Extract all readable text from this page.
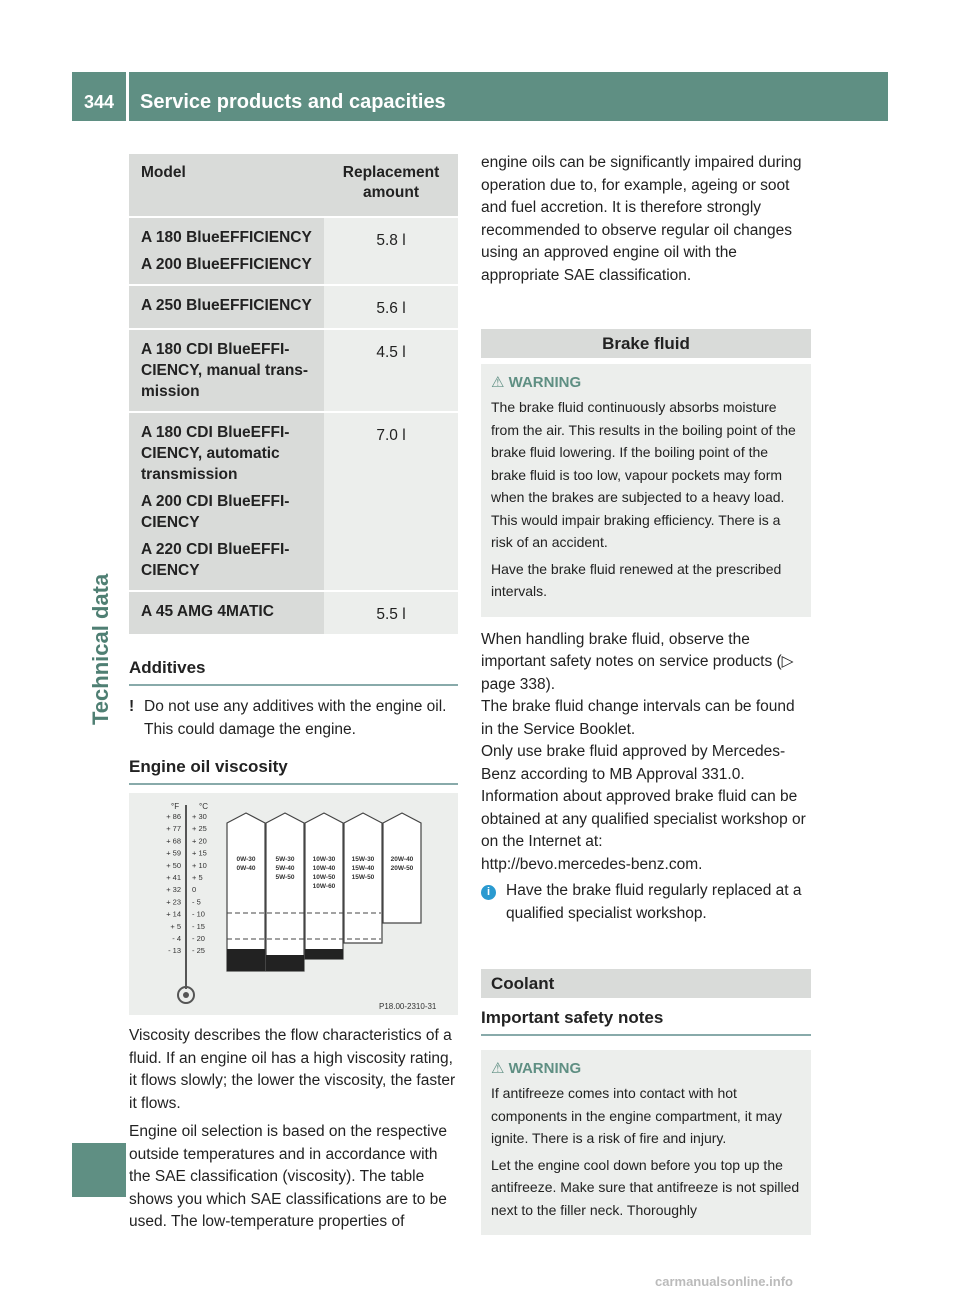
344	Service products and capacities
Technical data
Model	Replacement amount

A 180 BlueEFFICIENCY
A 200 BlueEFFICIENCY	5.8 l

A 250 BlueEFFICIENCY	5.6 l

A 180 CDI BlueEFFI- CIENCY, manual trans- mission	4.5 l

A 180 CDI BlueEFFI- CIENCY, automatic transmission
A 200 CDI BlueEFFI- CIENCY
A 220 CDI BlueEFFI- CIENCY	7.0 l

A 45 AMG 4MATIC	5.5 l
Additives
! Do not use any additives with the engine oil. This could damage the engine.
Engine oil viscosity
°F °C
+ 86 + 30
+ 77 + 25
+ 68 + 20
+ 59 + 15
+ 50 + 10
+ 41 + 5
+ 32 0
+ 23 - 5
+ 14 - 10
+ 5 - 15
- 4 - 20
- 13 - 25
0W-30
0W-40
5W-30
5W-40
5W-50
10W-30
10W-40
10W-50
10W-60
15W-30
15W-40
15W-50
20W-40
20W-50
P18.00-2310-31

Viscosity describes the flow characteristics of a fluid. If an engine oil has a high viscosity rating, it flows slowly; the lower the viscosity, the faster it flows.

Engine oil selection is based on the respective outside temperatures and in accordance with the SAE classification (viscosity). The table shows you which SAE classifications are to be used. The low-temperature properties of

engine oils can be significantly impaired during operation due to, for example, ageing or soot and fuel accretion. It is therefore strongly recommended to observe regular oil changes using an approved engine oil with the appropriate SAE classification.

Brake fluid
⚠ WARNING

The brake fluid continuously absorbs moisture from the air. This results in the boiling point of the brake fluid lowering. If the boiling point of the brake fluid is too low, vapour pockets may form when the brakes are subjected to a heavy load. This would impair braking efficiency. There is a risk of an accident.

Have the brake fluid renewed at the prescribed intervals.

When handling brake fluid, observe the important safety notes on service products (▷ page 338).

The brake fluid change intervals can be found in the Service Booklet.

Only use brake fluid approved by Mercedes-Benz according to MB Approval 331.0.

Information about approved brake fluid can be obtained at any qualified specialist workshop or on the Internet at:

http://bevo.mercedes-benz.com.

i	Have the brake fluid regularly replaced at a qualified specialist workshop.
Coolant
Important safety notes
⚠ WARNING

If antifreeze comes into contact with hot components in the engine compartment, it may ignite. There is a risk of fire and injury.

Let the engine cool down before you top up the antifreeze. Make sure that antifreeze is not spilled next to the filler neck. Thoroughly

carmanualsonline.info
